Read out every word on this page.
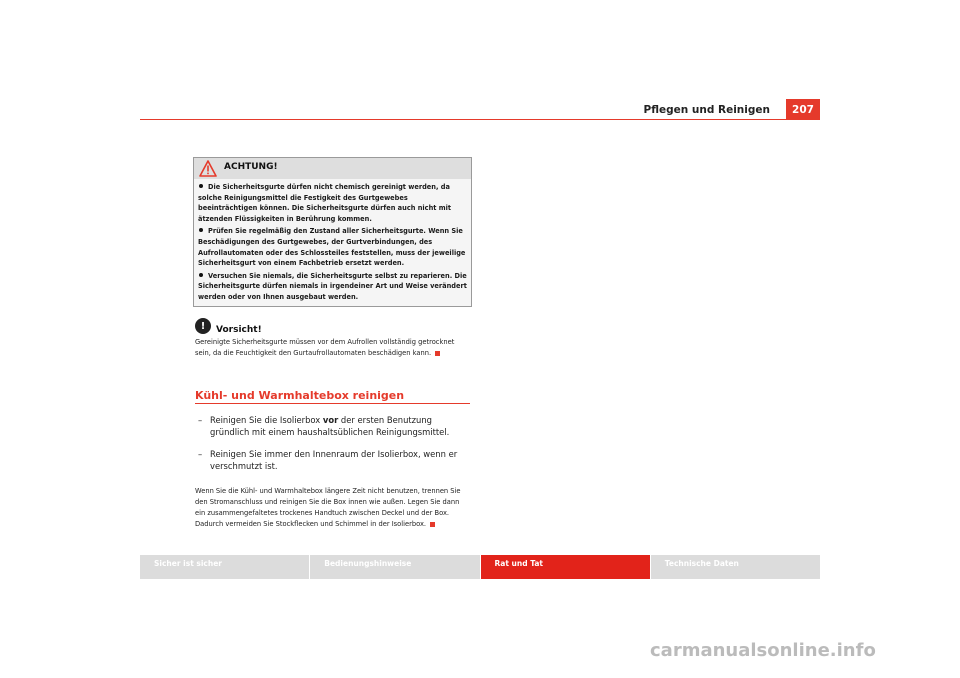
Pflegen und Reinigen	207
ACHTUNG!
Die Sicherheitsgurte dürfen nicht chemisch gereinigt werden, da solche Reinigungsmittel die Festigkeit des Gurtgewebes beeinträchtigen können. Die Sicherheitsgurte dürfen auch nicht mit ätzenden Flüssigkeiten in Berührung kommen.
Prüfen Sie regelmäßig den Zustand aller Sicherheitsgurte. Wenn Sie Beschädigungen des Gurtgewebes, der Gurtverbindungen, des Aufrollautomaten oder des Schlossteiles feststellen, muss der jeweilige Sicherheitsgurt von einem Fachbetrieb ersetzt werden.
Versuchen Sie niemals, die Sicherheitsgurte selbst zu reparieren. Die Sicherheitsgurte dürfen niemals in irgendeiner Art und Weise verändert werden oder von Ihnen ausgebaut werden.
!	Vorsicht!
Gereinigte Sicherheitsgurte müssen vor dem Aufrollen vollständig getrocknet sein, da die Feuchtigkeit den Gurtaufrollautomaten beschädigen kann.
Kühl- und Warmhaltebox reinigen
– Reinigen Sie die Isolierbox vor der ersten Benutzung gründlich mit einem haushaltsüblichen Reinigungsmittel.
– Reinigen Sie immer den Innenraum der Isolierbox, wenn er verschmutzt ist.
Wenn Sie die Kühl- und Warmhaltebox längere Zeit nicht benutzen, trennen Sie den Stromanschluss und reinigen Sie die Box innen wie außen. Legen Sie dann ein zusammengefaltetes trockenes Handtuch zwischen Deckel und der Box. Dadurch vermeiden Sie Stockflecken und Schimmel in der Isolierbox.
Sicher ist sicher	Bedienungshinweise	Rat und Tat	Technische Daten
carmanualsonline.info
